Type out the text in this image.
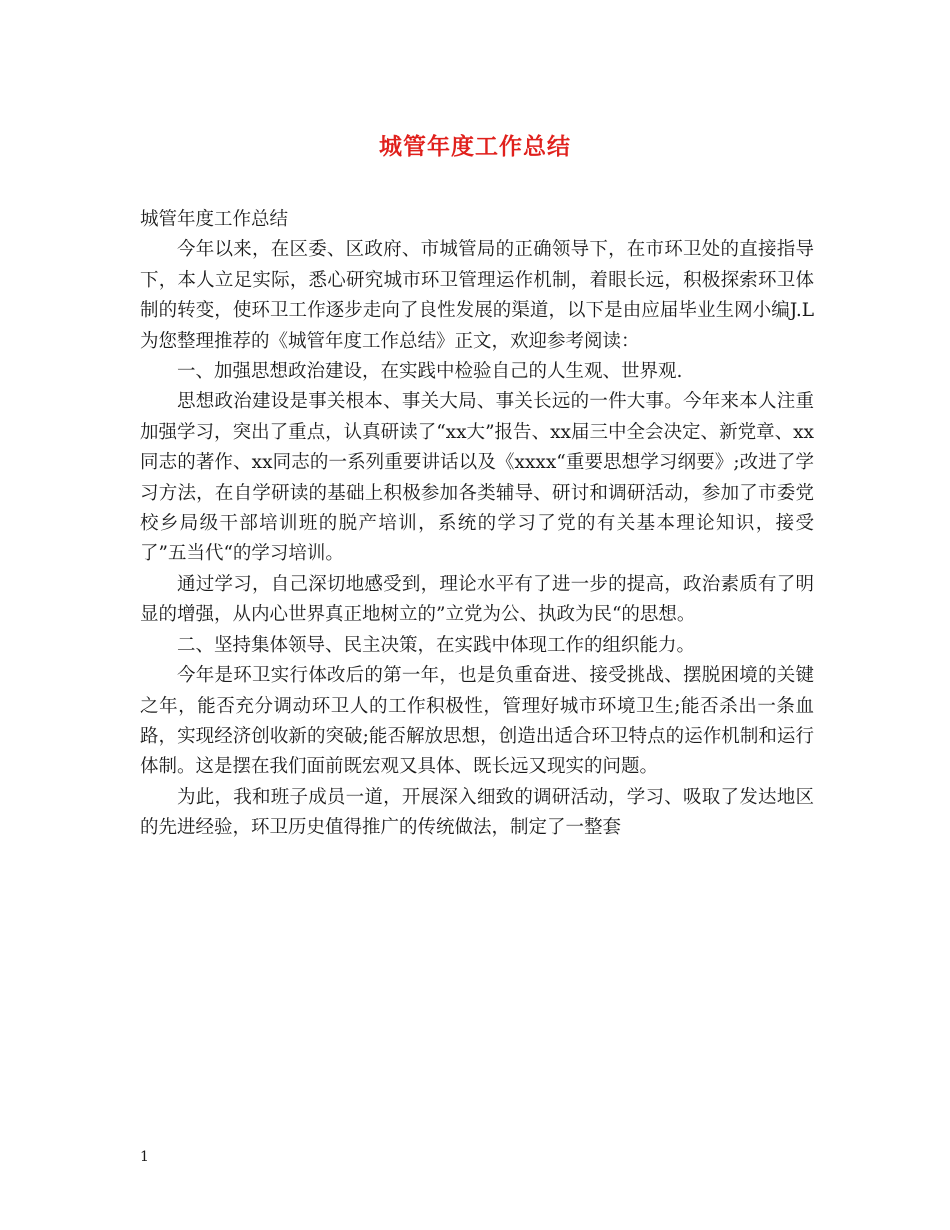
城管年度工作总结

城管年度工作总结

今年以来，在区委、区政府、市城管局的正确领导下，在市环卫处的直接指导下，本人立足实际，悉心研究城市环卫管理运作机制，着眼长远，积极探索环卫体制的转变，使环卫工作逐步走向了良性发展的渠道，以下是由应届毕业生网小编J.L为您整理推荐的《城管年度工作总结》正文，欢迎参考阅读：

一、加强思想政治建设，在实践中检验自己的人生观、世界观.

思想政治建设是事关根本、事关大局、事关长远的一件大事。今年来本人注重加强学习，突出了重点，认真研读了“xx大”报告、xx届三中全会决定、新党章、xx同志的著作、xx同志的一系列重要讲话以及《xxxx“重要思想学习纲要》;改进了学习方法，在自学研读的基础上积极参加各类辅导、研讨和调研活动，参加了市委党校乡局级干部培训班的脱产培训，系统的学习了党的有关基本理论知识，接受了”五当代“的学习培训。

通过学习，自己深切地感受到，理论水平有了进一步的提高，政治素质有了明显的增强，从内心世界真正地树立的”立党为公、执政为民“的思想。

二、坚持集体领导、民主决策，在实践中体现工作的组织能力。

今年是环卫实行体改后的第一年，也是负重奋进、接受挑战、摆脱困境的关键之年，能否充分调动环卫人的工作积极性，管理好城市环境卫生;能否杀出一条血路，实现经济创收新的突破;能否解放思想，创造出适合环卫特点的运作机制和运行体制。这是摆在我们面前既宏观又具体、既长远又现实的问题。

为此，我和班子成员一道，开展深入细致的调研活动，学习、吸取了发达地区的先进经验，环卫历史值得推广的传统做法，制定了一整套

1
